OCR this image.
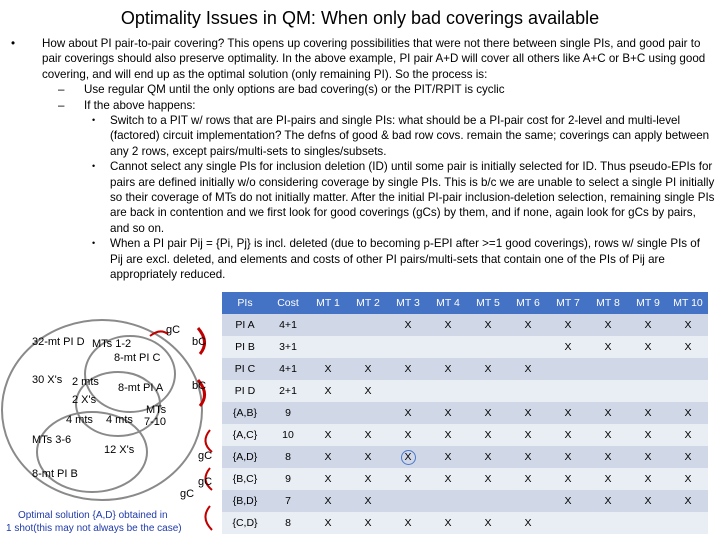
Optimality Issues in QM: When only bad coverings available
• How about PI pair-to-pair covering? This opens up covering possibilities that were not there between single PIs, and good pair to pair coverings should also preserve optimality. In the above example, PI pair A+D will cover all others like A+C or B+C using good covering, and will end up as the optimal solution (only remaining PI). So the process is:
– Use regular QM until the only options are bad covering(s) or the PIT/RPIT is cyclic
– If the above happens:
• Switch to a PIT w/ rows that are PI-pairs and single PIs: what should be a PI-pair cost for 2-level and multi-level (factored) circuit implementation? The defns of good & bad row covs. remain the same; coverings can apply between any 2 rows, except pairs/multi-sets to singles/subsets.
• Cannot select any single PIs for inclusion deletion (ID) until some pair is initially selected for ID. Thus pseudo-EPIs for pairs are defined initially w/o considering coverage by single PIs. This is b/c we are unable to select a single PI initially so their coverage of MTs do not initially matter. After the initial PI-pair inclusion-deletion selection, remaining single PIs are back in contention and we first look for good coverings (gCs) by them, and if none, again look for gCs by pairs, and so on.
• When a PI pair Pij = {Pi, Pj} is incl. deleted (due to becoming p-EPI after >=1 good coverings), rows w/ single PIs of Pij are excl. deleted, and elements and costs of other PI pairs/multi-sets that contain one of the PIs of Pij are appropriately reduced.
32-mt PI D MTs 1-2
8-mt PI C
30 X's 2 mts 8-mt PI A
2 X's
4 mts 4 mts
MTs
7-10
MTs 3-6
12 X's
8-mt PI B
gC
bC
bC
gC
gC
gC
Optimal solution {A,D} obtained in
1 shot(this may not always be the case)
PIs	Cost	MT 1	MT 2	MT 3	MT 4	MT 5	MT 6	MT 7	MT 8	MT 9	MT 10
PI A	4+1			X	X	X	X	X	X	X	X
PI B	3+1							X	X	X	X
PI C	4+1	X	X	X	X	X	X				
PI D	2+1	X	X								
{A,B}	9			X	X	X	X	X	X	X	X
{A,C}	10	X	X	X	X	X	X	X	X	X	X
{A,D}	8	X	X	X	X	X	X	X	X	X	X
{B,C}	9	X	X	X	X	X	X	X	X	X	X
{B,D}	7	X	X					X	X	X	X
{C,D}	8	X	X	X	X	X	X				
